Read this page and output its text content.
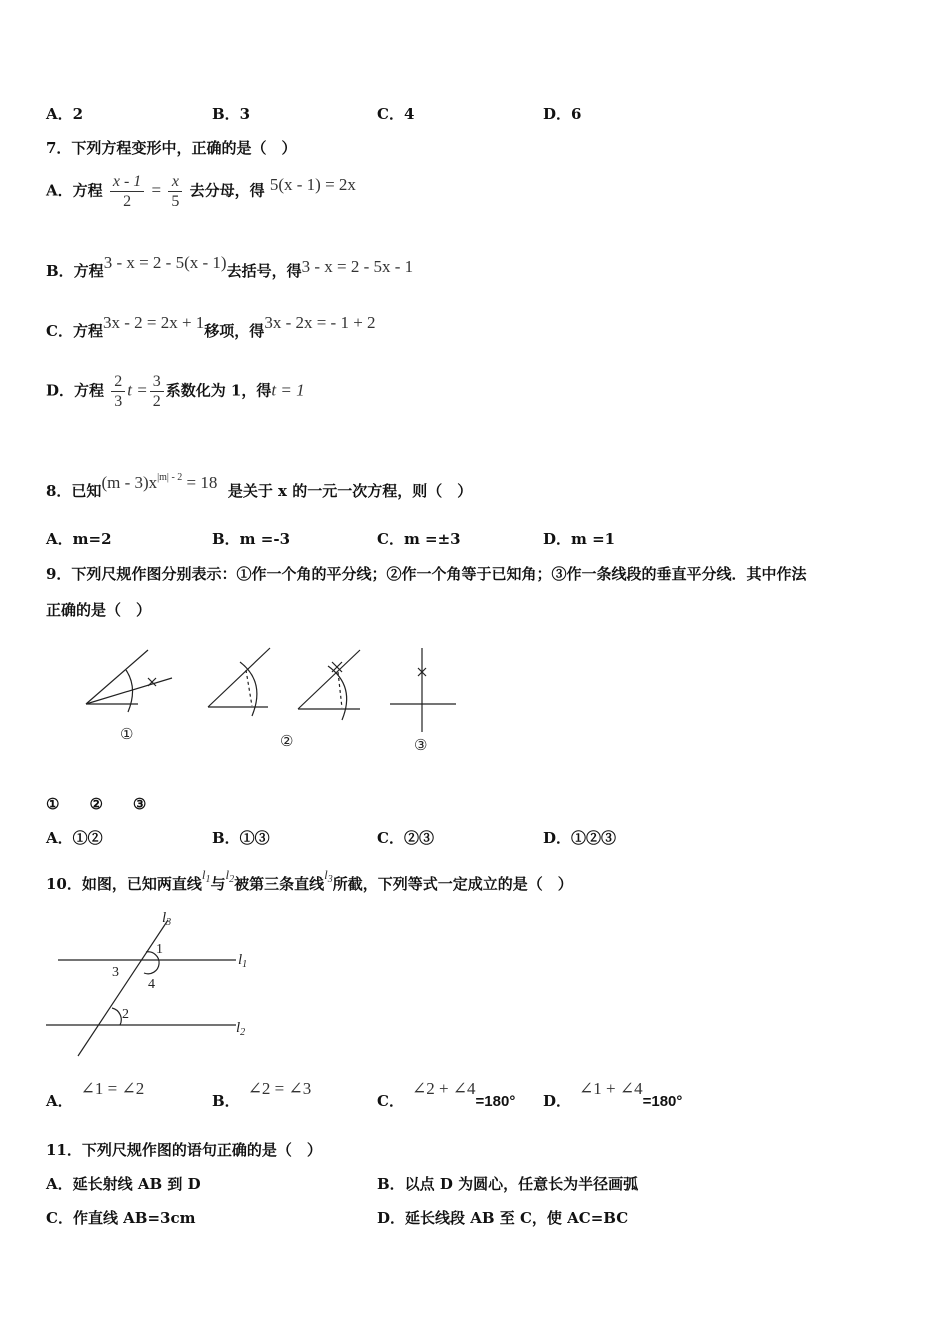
A．2	B．3	C．4	D．6
7．下列方程变形中，正确的是（　）
A．方程 $\frac{x - 1}{2} = \frac{x}{5}$ 去分母，得 5(x - 1) = 2x
B．方程3 - x = 2 - 5(x - 1)去括号，得3 - x = 2 - 5x - 1
C．方程3x - 2 = 2x + 1移项，得3x - 2x = - 1 + 2
D．方程 $\frac{2}{3}$ $t = \frac{3}{2}$ 系数化为 1，得t = 1
8．已知$(m - 3)x^{|m| - 2} = 18$ 是关于 x 的一元一次方程，则（　）
A．m=2	B．m =-3	C．m =±3	D．m =1
9．下列尺规作图分别表示：①作一个角的平分线；②作一个角等于已知角；③作一条线段的垂直平分线．其中作法
正确的是（　）
①	②	③
①　　②　　③
A．①②	B．①③	C．②③	D．①②③
10．如图，已知两直线$l_1$与$l_2$被第三条直线$l_3$所截，下列等式一定成立的是（　）
$l_3$
$l_1$
$l_2$
1
3
4
2
A．∠1 = ∠2
B．∠2 = ∠3
C．∠2 + ∠4=180° D．∠1 + ∠4=180°
11．下列尺规作图的语句正确的是（　）
A．延长射线 AB 到 D	B．以点 D 为圆心，任意长为半径画弧
C．作直线 AB=3cm	D．延长线段 AB 至 C，使 AC=BC
